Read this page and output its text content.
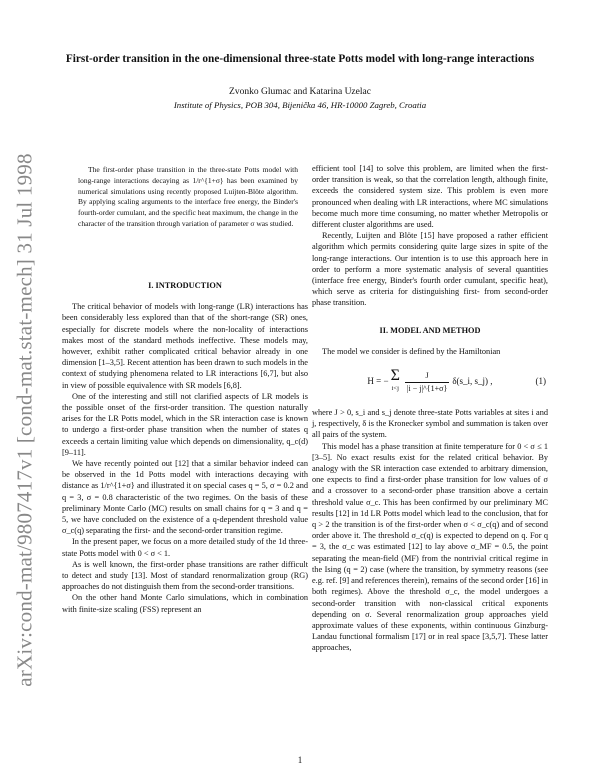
arXiv:cond-mat/9807417v1 [cond-mat.stat-mech] 31 Jul 1998
First-order transition in the one-dimensional three-state Potts model with long-range interactions
Zvonko Glumac and Katarina Uzelac
Institute of Physics, POB 304, Bijenička 46, HR-10000 Zagreb, Croatia

The first-order phase transition in the three-state Potts model with long-range interactions decaying as 1/r^{1+σ} has been examined by numerical simulations using recently proposed Luijten-Blöte algorithm. By applying scaling arguments to the interface free energy, the Binder's fourth-order cumulant, and the specific heat maximum, the change in the character of the transition through variation of parameter σ was studied.

I. INTRODUCTION

The critical behavior of models with long-range (LR) interactions has been considerably less explored than that of the short-range (SR) ones, especially for discrete models where the non-locality of interactions makes most of the standard methods ineffective. These models may, however, exhibit rather complicated critical behavior already in one dimension [1–3,5]. Recent attention has been drawn to such models in the context of studying phenomena related to LR interactions [6,7], but also in view of possible equivalence with SR models [6,8].

One of the interesting and still not clarified aspects of LR models is the possible onset of the first-order transition. The question naturally arises for the LR Potts model, which in the SR interaction case is known to undergo a first-order phase transition when the number of states q exceeds a certain limiting value which depends on dimensionality, q_c(d) [9–11].

We have recently pointed out [12] that a similar behavior indeed can be observed in the 1d Potts model with interactions decaying with distance as 1/r^{1+σ} and illustrated it on special cases q = 5, σ = 0.2 and q = 3, σ = 0.8 characteristic of the two regimes. On the basis of these preliminary Monte Carlo (MC) results on small chains for q = 3 and q = 5, we have concluded on the existence of a q-dependent threshold value σ_c(q) separating the first- and the second-order transition regime.

In the present paper, we focus on a more detailed study of the 1d three-state Potts model with 0 < σ < 1.

As is well known, the first-order phase transitions are rather difficult to detect and study [13]. Most of standard renormalization group (RG) approaches do not distinguish them from the second-order transitions.

On the other hand Monte Carlo simulations, which in combination with finite-size scaling (FSS) represent an

efficient tool [14] to solve this problem, are limited when the first-order transition is weak, so that the correlation length, although finite, exceeds the considered system size. This problem is even more pronounced when dealing with LR interactions, where MC simulations become much more time consuming, no matter whether Metropolis or different cluster algorithms are used.

Recently, Luijten and Blöte [15] have proposed a rather efficient algorithm which permits considering quite large sizes in spite of the long-range interactions. Our intention is to use this approach here in order to perform a more systematic analysis of several quantities (interface free energy, Binder's fourth order cumulant, specific heat), which serve as criteria for distinguishing first- from second-order phase transition.

II. MODEL AND METHOD

The model we consider is defined by the Hamiltonian

H = − Σ
$i<j \frac{J}{|i - j|\^{}\{1+\sigma\}}$ δ(s_i, s_j) ,	(1)

where J > 0, s_i and s_j denote three-state Potts variables at sites i and j, respectively, δ is the Kronecker symbol and summation is taken over all pairs of the system.

This model has a phase transition at finite temperature for 0 < σ ≤ 1 [3–5]. No exact results exist for the related critical behavior. By analogy with the SR interaction case extended to arbitrary dimension, one expects to find a first-order phase transition for low values of σ and a crossover to a second-order phase transition above a certain threshold value σ_c. This has been confirmed by our preliminary MC results [12] in 1d LR Potts model which lead to the conclusion, that for q > 2 the transition is of the first-order when σ < σ_c(q) and of second order above it. The threshold σ_c(q) is expected to depend on q. For q = 3, the σ_c was estimated [12] to lay above σ_MF = 0.5, the point separating the mean-field (MF) from the nontrivial critical regime in the Ising (q = 2) case (where the transition, by symmetry reasons (see e.g. ref. [9] and references therein), remains of the second order [16] in both regimes). Above the threshold σ_c, the model undergoes a second-order transition with non-classical critical exponents depending on σ. Several renormalization group approaches yield approximate values of these exponents, within continuous Ginzburg-Landau functional formalism [17] or in real space [3,5,7]. These latter approaches,

1
